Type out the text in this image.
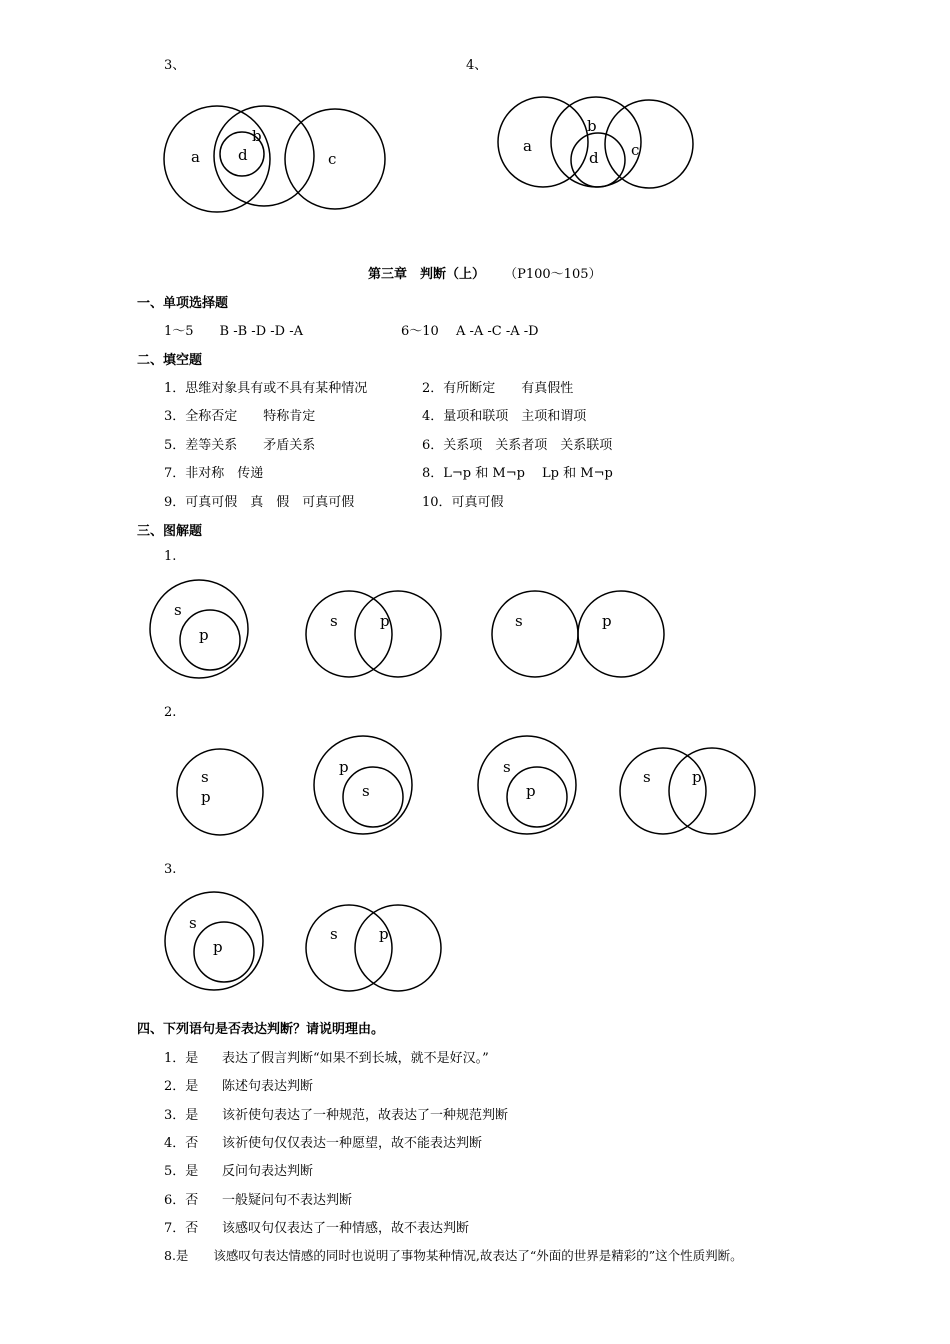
3、	4、
a
b
d	c
a
b
d c
第三章　判断（上） （P100～105）
一、单项选择题
1～5　　B -B -D -D -A	6～10　 A -A -C -A -D
二、填空题
1．思维对象具有或不具有某种情况	2．有所断定　　有真假性
3．全称否定　　特称肯定	4．量项和联项　主项和谓项
5．差等关系　　矛盾关系	6．关系项　关系者项　关系联项
7．非对称　传递	8．L¬p 和 M¬p　 Lp 和 M¬p
9．可真可假　真　假　可真可假	10．可真可假
三、图解题
1.
s
p
s	p	s	p
2.
s
p
p
s
s
p
s	p
3.
s
p
s	p
四、下列语句是否表达判断？请说明理由。
1．是 表达了假言判断“如果不到长城，就不是好汉。”
2．是 陈述句表达判断
3．是 该祈使句表达了一种规范，故表达了一种规范判断
4．否 该祈使句仅仅表达一种愿望，故不能表达判断
5．是 反问句表达判断
6．否 一般疑问句不表达判断
7．否 该感叹句仅表达了一种情感，故不表达判断
8.是　　该感叹句表达情感的同时也说明了事物某种情况,故表达了“外面的世界是精彩的”这个性质判断。
